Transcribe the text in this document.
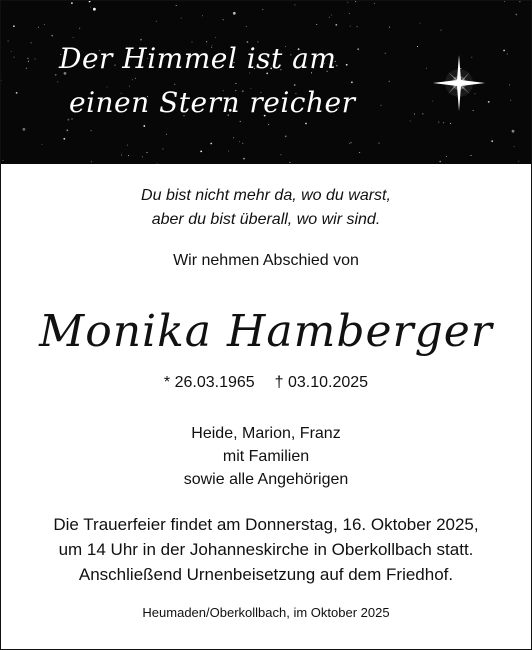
Der Himmel ist am
einen Stern reicher

Du bist nicht mehr da, wo du warst,
aber du bist überall, wo wir sind.

Wir nehmen Abschied von

Monika Hamberger
* 26.03.1965 † 03.10.2025
Heide, Marion, Franz
mit Familien
sowie alle Angehörigen
Die Trauerfeier findet am Donnerstag, 16. Oktober 2025,
um 14 Uhr in der Johanneskirche in Oberkollbach statt.
Anschließend Urnenbeisetzung auf dem Friedhof.
Heumaden/Oberkollbach, im Oktober 2025
